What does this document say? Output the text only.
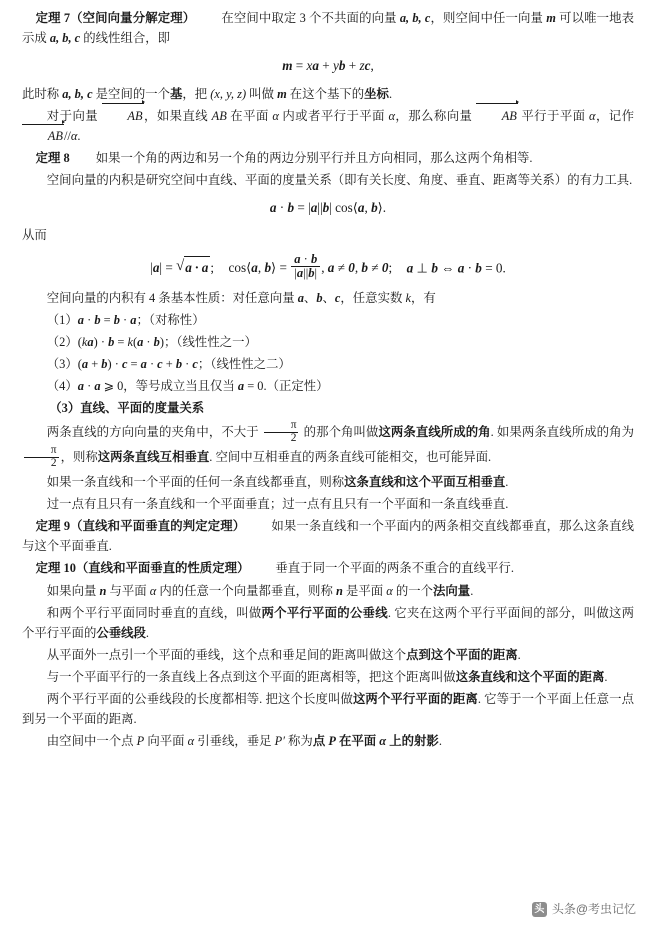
定理 7（空间向量分解定理） 在空间中取定 3 个不共面的向量 a, b, c，则空间中任一向量 m 可以唯一地表示成 a, b, c 的线性组合，即

m = xa + yb + zc,

此时称 a, b, c 是空间的一个基，把 (x, y, z) 叫做 m 在这个基下的坐标.

对于向量 AB，如果直线 AB 在平面 α 内或者平行于平面 α，那么称向量 AB 平行于平面 α，记作 AB//α.

定理 8 如果一个角的两边和另一个角的两边分别平行并且方向相同，那么这两个角相等.

空间向量的内积是研究空间中直线、平面的度量关系（即有关长度、角度、垂直、距离等关系）的有力工具.

a · b = |a||b| cos⟨a, b⟩.

从而

|a| = √ a · a ; cos⟨a, b⟩ = $\frac{a \cdot b}{|a||b|}$ , a ≠ 0, b ≠ 0; a ⊥ b ⇔ a · b = 0.

空间向量的内积有 4 条基本性质：对任意向量 a、b、c，任意实数 k，有

（1）a · b = b · a；（对称性）

（2）(ka) · b = k(a · b)；（线性性之一）

（3）(a + b) · c = a · c + b · c；（线性性之二）

（4）a · a ⩾ 0，等号成立当且仅当 a = 0.（正定性）

（3）直线、平面的度量关系

两条直线的方向向量的夹角中，不大于 $\frac{\pi}{2}$ 的那个角叫做这两条直线所成的角. 如果两条直线所成的角为
$\frac{\pi}{2}$ ，则称这两条直线互相垂直. 空间中互相垂直的两条直线可能相交，也可能异面.

如果一条直线和一个平面的任何一条直线都垂直，则称这条直线和这个平面互相垂直.

过一点有且只有一条直线和一个平面垂直；过一点有且只有一个平面和一条直线垂直.

定理 9（直线和平面垂直的判定定理） 如果一条直线和一个平面内的两条相交直线都垂直，那么这条直线与这个平面垂直.

定理 10（直线和平面垂直的性质定理） 垂直于同一个平面的两条不重合的直线平行.

如果向量 n 与平面 α 内的任意一个向量都垂直，则称 n 是平面 α 的一个法向量.

和两个平行平面同时垂直的直线，叫做两个平行平面的公垂线. 它夹在这两个平行平面间的部分，叫做这两个平行平面的公垂线段.

从平面外一点引一个平面的垂线，这个点和垂足间的距离叫做这个点到这个平面的距离.

与一个平面平行的一条直线上各点到这个平面的距离相等，把这个距离叫做这条直线和这个平面的距离.

两个平行平面的公垂线段的长度都相等. 把这个长度叫做这两个平行平面的距离. 它等于一个平面上任意一点到另一个平面的距离.

由空间中一个点 P 向平面 α 引垂线，垂足 P′ 称为点 P 在平面 α 上的射影.

头 头条@考虫记忆
